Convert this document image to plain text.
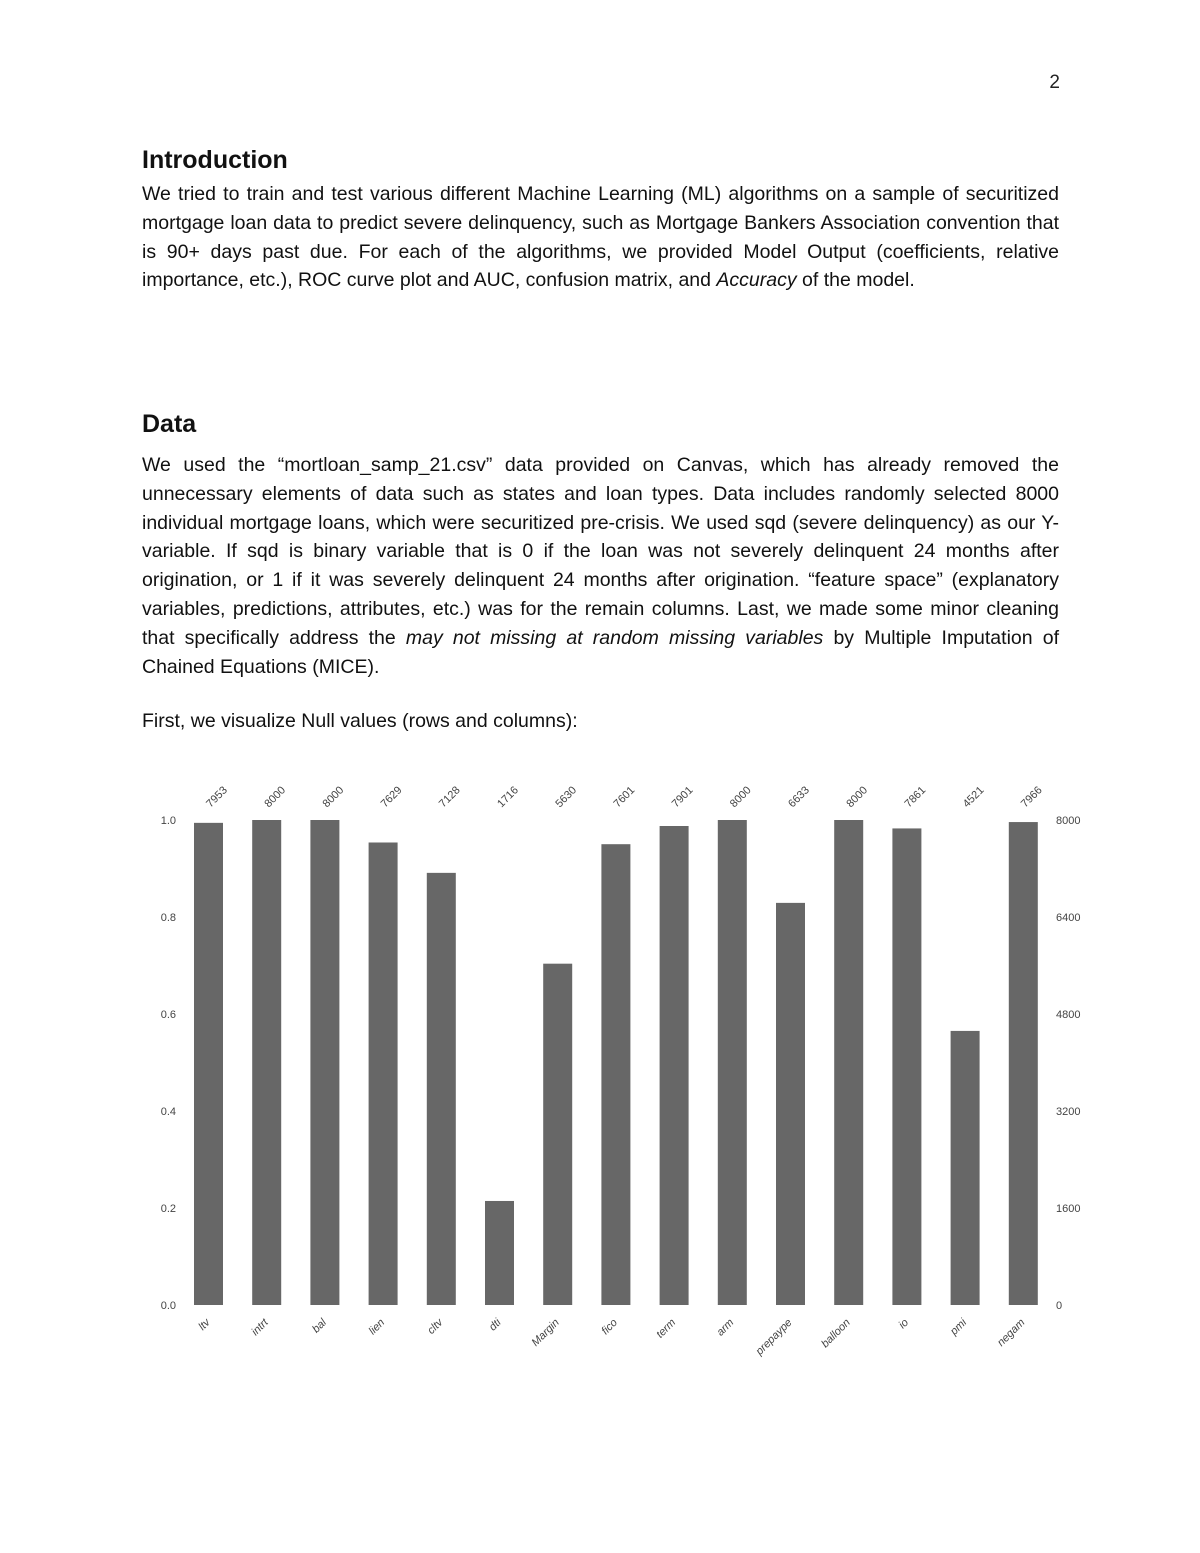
2
Introduction

We tried to train and test various different Machine Learning (ML) algorithms on a sample of securitized mortgage loan data to predict severe delinquency, such as Mortgage Bankers Association convention that is 90+ days past due. For each of the algorithms, we provided Model Output (coefficients, relative importance, etc.), ROC curve plot and AUC, confusion matrix, and Accuracy of the model.

Data

We used the “mortloan_samp_21.csv” data provided on Canvas, which has already removed the unnecessary elements of data such as states and loan types. Data includes randomly selected 8000 individual mortgage loans, which were securitized pre-crisis. We used sqd (severe delinquency) as our Y-variable. If sqd is binary variable that is 0 if the loan was not severely delinquent 24 months after origination, or 1 if it was severely delinquent 24 months after origination. “feature space” (explanatory variables, predictions, attributes, etc.) was for the remain columns. Last, we made some minor cleaning that specifically address the may not missing at random missing variables by Multiple Imputation of Chained Equations (MICE).

First, we visualize Null values (rows and columns):

0.0
0.2
0.4
0.6
0.8
1.0
0
1600
3200
4800
6400
8000
7953
ltv
8000
intrt
8000
bal
7629
lien
7128
cltv
1716
dti
5630
Margin
7601
fico
7901
term
8000
arm
6633
prepaype
8000
balloon
7861
io
4521
pmi
7966
negam
